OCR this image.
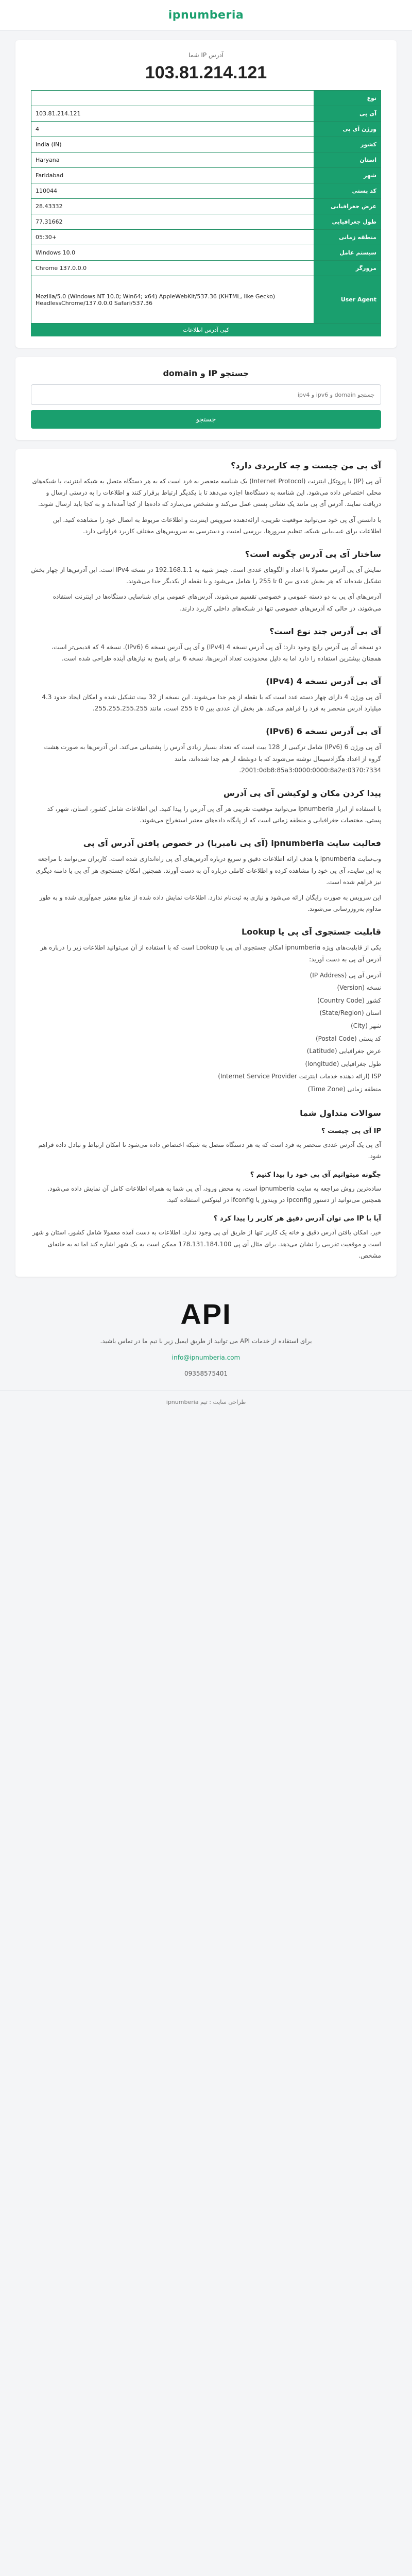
ipnumberia
آدرس IP شما
103.81.214.121
	نوع
103.81.214.121	آی پی
4	ورژن آی پی
India (IN)	کشور
Haryana	استان
Faridabad	شهر
110044	کد پستی
28.43332	عرض جغرافیایی
77.31662	طول جغرافیایی
05:30+	منطقه زمانی
Windows 10.0	سیستم عامل
Chrome 137.0.0.0	مرورگر
Mozilla/5.0 (Windows NT 10.0; Win64; x64) AppleWebKit/537.36 (KHTML, like Gecko) HeadlessChrome/137.0.0.0 Safari/537.36	User Agent
کپی آدرس اطلاعات
جستجو IP و domain
جستجو domain و ipv6 و ipv4 جستجو
آی پی من چیست و چه کاربردی دارد؟

آی پی (IP) یا پروتکل اینترنت (Internet Protocol) یک شناسه منحصر به فرد است که به هر دستگاه متصل به شبکه اینترنت یا شبکه‌های محلی اختصاص داده می‌شود. این شناسه به دستگاه‌ها اجازه می‌دهد تا با یکدیگر ارتباط برقرار کنند و اطلاعات را به درستی ارسال و دریافت نمایند. آدرس آی پی مانند یک نشانی پستی عمل می‌کند و مشخص می‌سازد که داده‌ها از کجا آمده‌اند و به کجا باید ارسال شوند.

با دانستن آی پی خود می‌توانید موقعیت تقریبی، ارائه‌دهنده سرویس اینترنت و اطلاعات مربوط به اتصال خود را مشاهده کنید. این اطلاعات برای عیب‌یابی شبکه، تنظیم سرورها، بررسی امنیت و دسترسی به سرویس‌های مختلف کاربرد فراوانی دارد.

ساختار آی پی آدرس چگونه است؟

نمایش آی پی آدرس معمولا با اعداد و الگوهای عددی است. جیمز شبیه به 192.168.1.1 در نسخه IPv4 است. این آدرس‌ها از چهار بخش تشکیل شده‌اند که هر بخش عددی بین 0 تا 255 را شامل می‌شود و با نقطه از یکدیگر جدا می‌شوند.

آدرس‌های آی پی به دو دسته عمومی و خصوصی تقسیم می‌شوند. آدرس‌های عمومی برای شناسایی دستگاه‌ها در اینترنت استفاده می‌شوند، در حالی که آدرس‌های خصوصی تنها در شبکه‌های داخلی کاربرد دارند.

آی پی آدرس چند نوع است؟

دو نسخه آی پی آدرس رایج وجود دارد: آی پی آدرس نسخه 4 (IPv4) و آی پی آدرس نسخه 6 (IPv6). نسخه 4 که قدیمی‌تر است، همچنان بیشترین استفاده را دارد اما به دلیل محدودیت تعداد آدرس‌ها، نسخه 6 برای پاسخ به نیازهای آینده طراحی شده است.

آی پی آدرس نسخه 4 (IPv4)

آی پی ورژن 4 دارای چهار دسته عدد است که با نقطه از هم جدا می‌شوند. این نسخه از 32 بیت تشکیل شده و امکان ایجاد حدود 4.3 میلیارد آدرس منحصر به فرد را فراهم می‌کند. هر بخش آن عددی بین 0 تا 255 است، مانند 255.255.255.255.

آی پی آدرس نسخه 6 (IPv6)

آی پی ورژن 6 (IPv6) شامل ترکیبی از 128 بیت است که تعداد بسیار زیادی آدرس را پشتیبانی می‌کند. این آدرس‌ها به صورت هشت گروه از اعداد هگزادسیمال نوشته می‌شوند که با دونقطه از هم جدا شده‌اند، مانند 2001:0db8:85a3:0000:0000:8a2e:0370:7334.

پیدا کردن مکان و لوکیشن آی پی آدرس

با استفاده از ابزار ipnumberia می‌توانید موقعیت تقریبی هر آی پی آدرس را پیدا کنید. این اطلاعات شامل کشور، استان، شهر، کد پستی، مختصات جغرافیایی و منطقه زمانی است که از پایگاه داده‌های معتبر استخراج می‌شوند.

فعالیت سایت ipnumberia (آی پی نامبریا) در خصوص یافتن آدرس آی پی

وب‌سایت ipnumberia با هدف ارائه اطلاعات دقیق و سریع درباره آدرس‌های آی پی راه‌اندازی شده است. کاربران می‌توانند با مراجعه به این سایت، آی پی خود را مشاهده کرده و اطلاعات کاملی درباره آن به دست آورند. همچنین امکان جستجوی هر آی پی یا دامنه دیگری نیز فراهم شده است.

این سرویس به صورت رایگان ارائه می‌شود و نیازی به ثبت‌نام ندارد. اطلاعات نمایش داده شده از منابع معتبر جمع‌آوری شده و به طور مداوم به‌روزرسانی می‌شوند.

قابلیت جستجوی آی پی یا Lookup

یکی از قابلیت‌های ویژه ipnumberia امکان جستجوی آی پی یا Lookup است که با استفاده از آن می‌توانید اطلاعات زیر را درباره هر آدرس آی پی به دست آورید:

آدرس آی پی (IP Address)
نسخه (Version)
کشور (Country Code)
استان (State/Region)
شهر (City)
کد پستی (Postal Code)
عرض جغرافیایی (Latitude)
طول جغرافیایی (longitude)
ISP (ارائه دهنده خدمات اینترنت Internet Service Provider)
منطقه زمانی (Time Zone)
سوالات متداول شما
IP آی پی چیست ؟

آی پی یک آدرس عددی منحصر به فرد است که به هر دستگاه متصل به شبکه اختصاص داده می‌شود تا امکان ارتباط و تبادل داده فراهم شود.

چگونه میتوانیم آی پی خود را پیدا کنیم ؟

ساده‌ترین روش مراجعه به سایت ipnumberia است. به محض ورود، آی پی شما به همراه اطلاعات کامل آن نمایش داده می‌شود. همچنین می‌توانید از دستور ipconfig در ویندوز یا ifconfig در لینوکس استفاده کنید.

آیا با IP می توان آدرس دقیق هر کاربر را پیدا کرد ؟

خیر، امکان یافتن آدرس دقیق و خانه یک کاربر تنها از طریق آی پی وجود ندارد. اطلاعات به دست آمده معمولا شامل کشور، استان و شهر است و موقعیت تقریبی را نشان می‌دهد. برای مثال آی پی 178.131.184.100 ممکن است به یک شهر اشاره کند اما نه به خانه‌ای مشخص.

API

برای استفاده از خدمات API می توانید از طریق ایمیل زیر با تیم ما در تماس باشید.

info@ipnumberia.com

09358575401

طراحی سایت : تیم ipnumberia
